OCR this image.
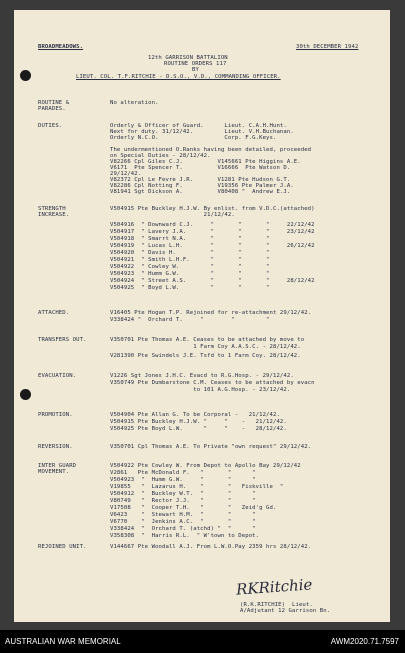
BROADMEADOWS.	30th DECEMBER 1942
12th GARRISON BATTALION
ROUTINE ORDERS 117
BY
LIEUT. COL. T.F.RITCHIE - D.S.O., V.D., COMMANDING OFFICER.
ROUTINE &
PARADES.
No alteration.
DUTIES.	Orderly & Officer of Guard.      Lieut. C.A.H.Hunt.
Next for duty. 31/12/42.         Lieut. V.H.Buchanan.
Orderly N.C.O.                   Corp. F.G.Keys.
The undermentioned O.Ranks having been detailed, proceeded
on Special Duties - 28/12/42.
V82266 Cpl Giles C.J.          V145661 Pte Higgins A.E.
V6171  Pte Spencer T.          V16666  Pte Watson D.
29/12/42.
V82372 Cpl Le Fevre J.R.       V1281 Pte Hudson G.T.
V82286 Cpl Notting F.          V19356 Pte Palmer J.A.
V81941 Sgt Dickson A.          V80408 "  Andrew E.J.
STRENGTH
INCREASE.
V504915 Pte Buckley H.J.W. By enlist. from V.D.C.(attached)
21/12/42.
V504916  " Downward C.J.     "       "       "     22/12/42
V504917  " Lavery J.A.       "       "       "     23/12/42
V504918  " Smarrt N.A.       "       "       "
V504919  " Lucas L.H.        "       "       "     26/12/42
V504920  " Davis H.          "       "       "
V504921  " Smith L.H.F.      "       "       "
V504922  " Cowley W.         "       "       "
V504923  " Humm G.W.         "       "       "
V504924  " Street A.S.       "       "       "     28/12/42
V504925  " Boyd L.W.         "       "       "
ATTACHED.	V16405 Pte Hogan T.P. Rejoined for re-attachment 29/12/42.
V338424 "  Orchard T.     "        "         "
TRANSFERS OUT.	V350701 Pte Thomas A.E. Ceases to be attached by move to
1 Farm Coy A.A.S.C. - 28/12/42.
V281390 Pte Swindels J.E. Tsfd to 1 Farm Coy. 28/12/42.
EVACUATION.	V1226 Sgt Jones J.H.C. Evacd to R.G.Hosp. - 29/12/42.
V350749 Pte Dumbarstone C.M. Ceases to be attached by evacn
to 101 A.G.Hosp. - 23/12/42.
PROMOTION.	V504904 Pte Allan G. To be Corporal -   21/12/42.
V504915 Pte Buckley H.J.W. "     "    -   21/12/42.
V504925 Pte Boyd L.W.      "     "    -   28/12/42.
REVERSION.	V350701 Cpl Thomas A.E. To Private "own request" 29/12/42.
INTER GUARD
MOVEMENT.
V504922 Pte Cowley W. From Depot to Apollo Bay 29/12/42
V2861   Pte McDonald F.   "       "      "
V504923  "  Humm G.W.     "       "      "
V19855   "  Lazarus H.    "       "   Fiskville  "
V504912  "  Buckley W.T.  "       "      "
V80749   "  Rector J.J.   "       "      "
V17508   "  Cooper T.H.   "       "   Zeid'g Gd.
V6423    "  Stewart H.M.  "       "      "
V6770    "  Jenkins A.C.  "       "      "
V338424  "  Orchard T. (atchd) "  "      "
V358308  "  Harris R.L.  " W'town to Depot.
REJOINED UNIT.	V144667 Pte Woodall A.J. From L.W.O.Pay 2359 hrs 28/12/42.
RKRitchie
(R.K.RITCHIE)  Lieut.
A/Adjutant 12 Garrison Bn.
AUSTRALIAN WAR MEMORIAL	AWM2020.71.7597
